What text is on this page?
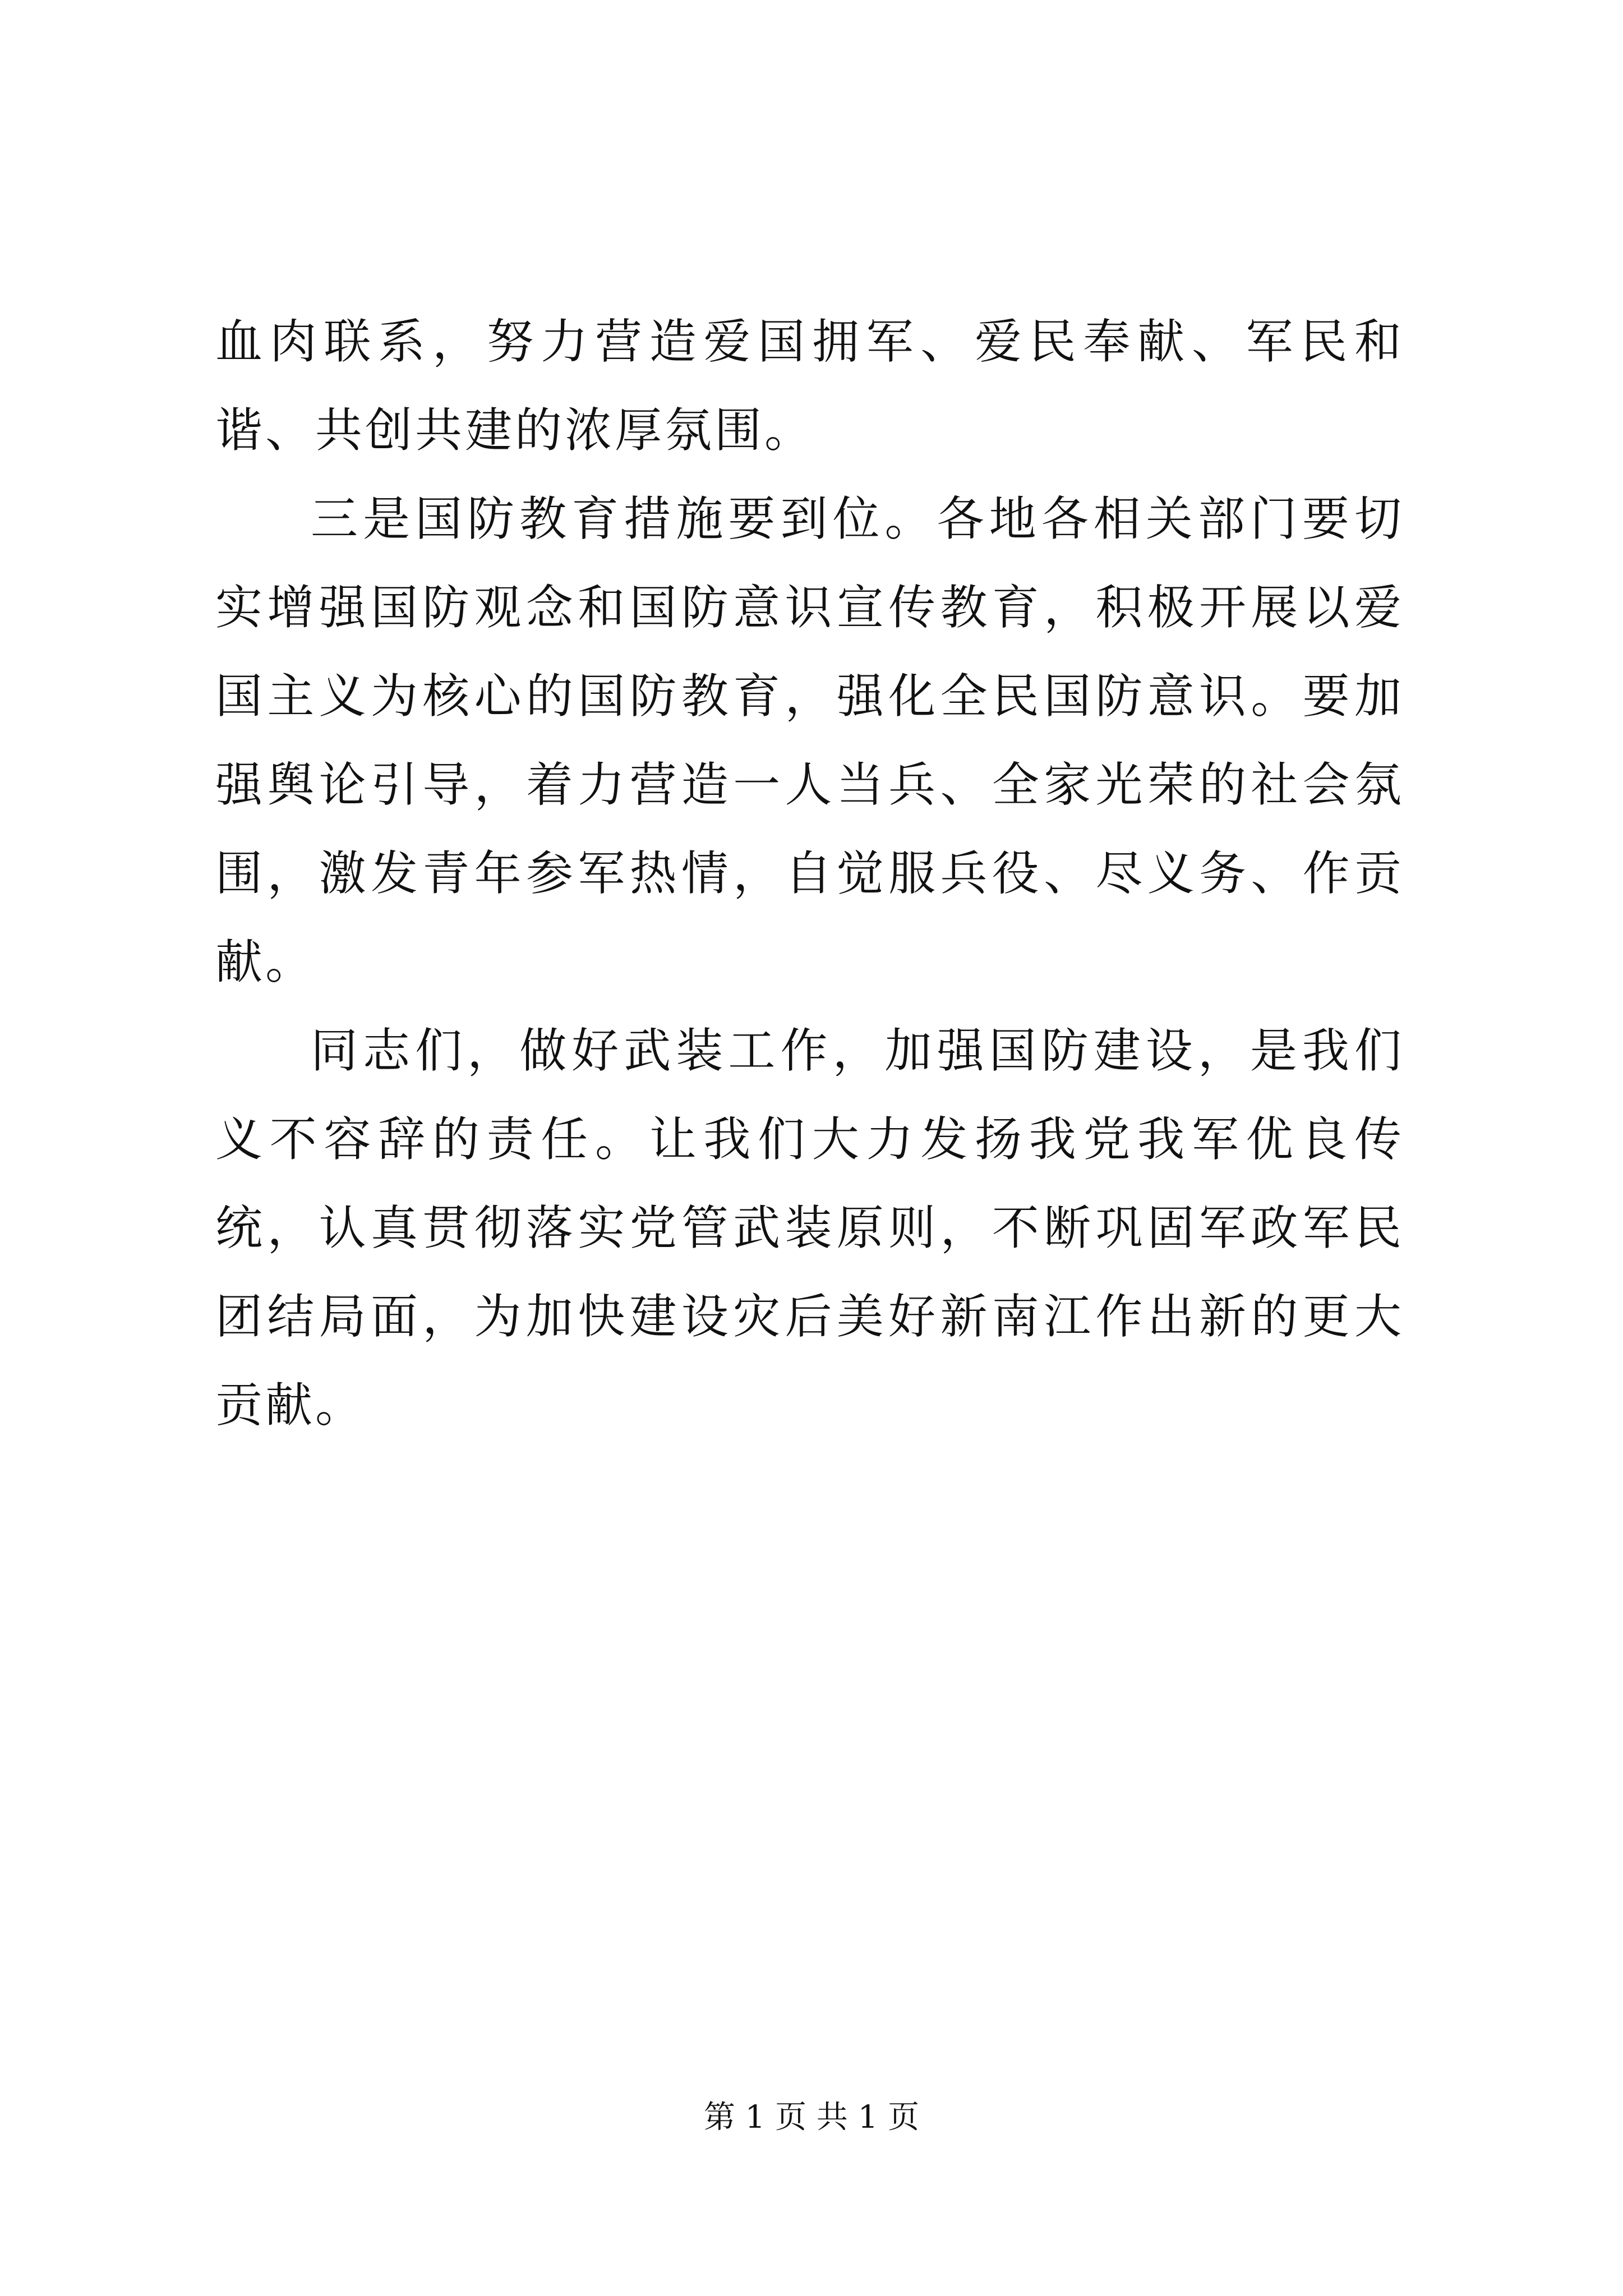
血肉联系，努力营造爱国拥军、爱民奉献、军民和谐、共创共建的浓厚氛围。

三是国防教育措施要到位。各地各相关部门要切实增强国防观念和国防意识宣传教育，积极开展以爱国主义为核心的国防教育，强化全民国防意识。要加强舆论引导，着力营造一人当兵、全家光荣的社会氛围，激发青年参军热情，自觉服兵役、尽义务、作贡献。

同志们，做好武装工作，加强国防建设，是我们义不容辞的责任。让我们大力发扬我党我军优良传统，认真贯彻落实党管武装原则，不断巩固军政军民团结局面，为加快建设灾后美好新南江作出新的更大贡献。

第 1 页 共 1 页
